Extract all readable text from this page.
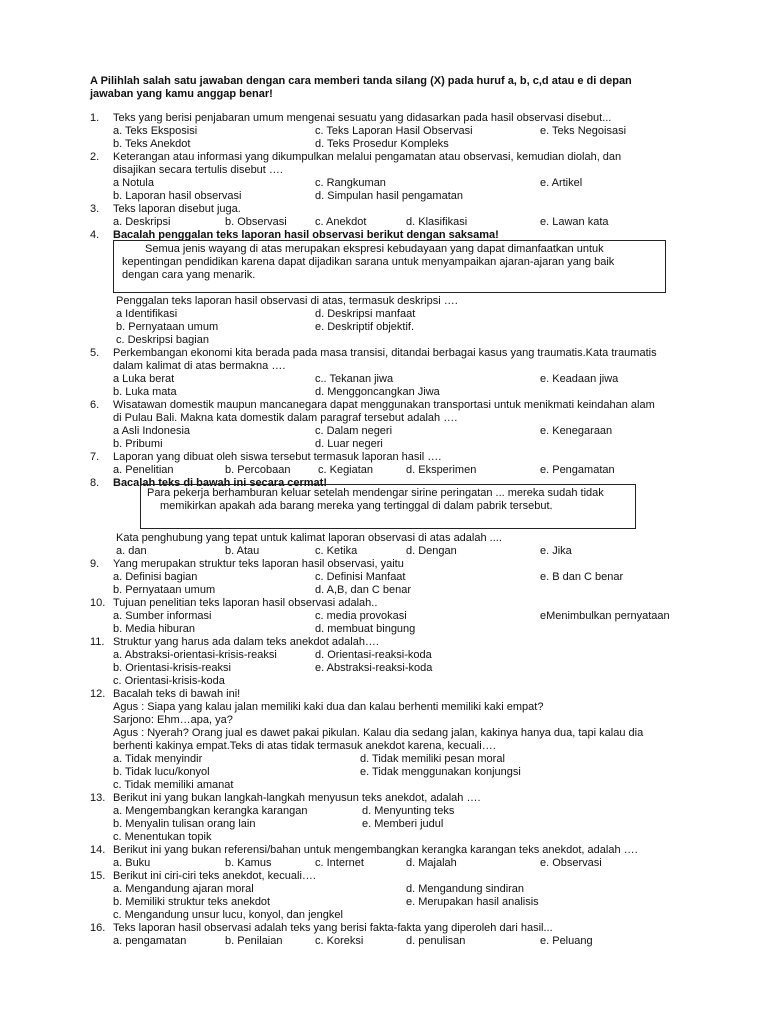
A Pilihlah salah satu jawaban dengan cara memberi tanda silang (X) pada huruf a, b, c,d atau e di depan
jawaban yang kamu anggap benar!
1. Teks yang berisi penjabaran umum mengenai sesuatu yang didasarkan pada hasil observasi disebut...
a. Teks Eksposisi	c. Teks Laporan Hasil Observasi	e. Teks Negoisasi
b. Teks Anekdot	d. Teks Prosedur Kompleks
2. Keterangan atau informasi yang dikumpulkan melalui pengamatan atau observasi, kemudian diolah, dan
disajikan secara tertulis disebut ….
a Notula	c. Rangkuman	e. Artikel
b. Laporan hasil observasi	d. Simpulan hasil pengamatan
3. Teks laporan disebut juga.
a. Deskripsi	b. Observasi	c. Anekdot	d. Klasifikasi	e. Lawan kata
4. Bacalah penggalan teks laporan hasil observasi berikut dengan saksama!
Semua jenis wayang di atas merupakan ekspresi kebudayaan yang dapat dimanfaatkan untuk
kepentingan pendidikan karena dapat dijadikan sarana untuk menyampaikan ajaran-ajaran yang baik
dengan cara yang menarik.
Penggalan teks laporan hasil observasi di atas, termasuk deskripsi ….
a Identifikasi	d. Deskripsi manfaat
b. Pernyataan umum	e. Deskriptif objektif.
c. Deskripsi bagian
5. Perkembangan ekonomi kita berada pada masa transisi, ditandai berbagai kasus yang traumatis.Kata traumatis
dalam kalimat di atas bermakna ….
a Luka berat	c.. Tekanan jiwa	e. Keadaan jiwa
b. Luka mata	d. Menggoncangkan Jiwa
6. Wisatawan domestik maupun mancanegara dapat menggunakan transportasi untuk menikmati keindahan alam
di Pulau Bali. Makna kata domestik dalam paragraf tersebut adalah ….
a Asli Indonesia	c. Dalam negeri	e. Kenegaraan
b. Pribumi	d. Luar negeri
7. Laporan yang dibuat oleh siswa tersebut termasuk laporan hasil ….
a. Penelitian	b. Percobaan	c. Kegiatan	d. Eksperimen	e. Pengamatan
8. Bacalah teks di bawah ini secara cermat!
Para pekerja berhamburan keluar setelah mendengar sirine peringatan ... mereka sudah tidak
memikirkan apakah ada barang mereka yang tertinggal di dalam pabrik tersebut.
Kata penghubung yang tepat untuk kalimat laporan observasi di atas adalah ....
a. dan	b. Atau	c. Ketika	d. Dengan	e. Jika
9. Yang merupakan struktur teks laporan hasil observasi, yaitu
a. Definisi bagian	c. Definisi Manfaat	e. B dan C benar
b. Pernyataan umum	d. A,B, dan C benar
10. Tujuan penelitian teks laporan hasil observasi adalah..
a. Sumber informasi	c. media provokasi	eMenimbulkan pernyataan
b. Media hiburan	d. membuat bingung
11. Struktur yang harus ada dalam teks anekdot adalah….
a. Abstraksi-orientasi-krisis-reaksi	d. Orientasi-reaksi-koda
b. Orientasi-krisis-reaksi	e. Abstraksi-reaksi-koda
c. Orientasi-krisis-koda
12. Bacalah teks di bawah ini!
Agus : Siapa yang kalau jalan memiliki kaki dua dan kalau berhenti memiliki kaki empat?
Sarjono: Ehm…apa, ya?
Agus : Nyerah? Orang jual es dawet pakai pikulan. Kalau dia sedang jalan, kakinya hanya dua, tapi kalau dia
berhenti kakinya empat.Teks di atas tidak termasuk anekdot karena, kecuali….
a. Tidak menyindir	d. Tidak memiliki pesan moral
b. Tidak lucu/konyol	e. Tidak menggunakan konjungsi
c. Tidak memiliki amanat
13. Berikut ini yang bukan langkah-langkah menyusun teks anekdot, adalah ….
a. Mengembangkan kerangka karangan	d. Menyunting teks
b. Menyalin tulisan orang lain	e. Memberi judul
c. Menentukan topik
14. Berikut ini yang bukan referensi/bahan untuk mengembangkan kerangka karangan teks anekdot, adalah ….
a. Buku	b. Kamus	c. Internet	d. Majalah	e. Observasi
15. Berikut ini ciri-ciri teks anekdot, kecuali….
a. Mengandung ajaran moral	d. Mengandung sindiran
b. Memiliki struktur teks anekdot	e. Merupakan hasil analisis
c. Mengandung unsur lucu, konyol, dan jengkel
16. Teks laporan hasil observasi adalah teks yang berisi fakta-fakta yang diperoleh dari hasil...
a. pengamatan	b. Penilaian	c. Koreksi	d. penulisan	e. Peluang
